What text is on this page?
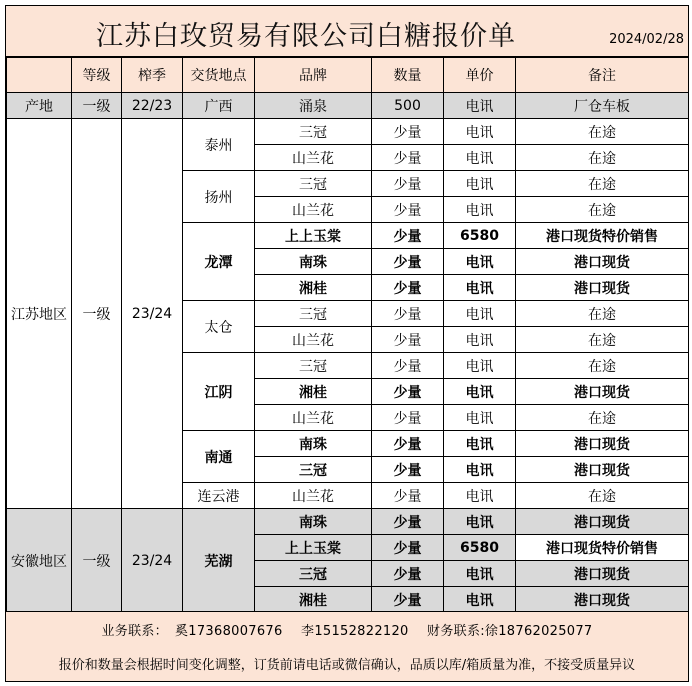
江苏白玫贸易有限公司白糖报价单	2024/02/28
	等级	榨季	交货地点	品牌	数量	单价	备注
产地	一级	22/23	广西	涌泉	500	电讯	厂仓车板
江苏地区	一级	23/24	泰州	三冠	少量	电讯	在途
				山兰花	少量	电讯	在途
			扬州	三冠	少量	电讯	在途
				山兰花	少量	电讯	在途
			龙潭	上上玉棠	少量	6580	港口现货特价销售
				南珠	少量	电讯	港口现货
				湘桂	少量	电讯	港口现货
			太仓	三冠	少量	电讯	在途
				山兰花	少量	电讯	在途
			江阴	三冠	少量	电讯	在途
				湘桂	少量	电讯	港口现货
				山兰花	少量	电讯	在途
			南通	南珠	少量	电讯	港口现货
				三冠	少量	电讯	港口现货
			连云港	山兰花	少量	电讯	在途
安徽地区	一级	23/24	芜湖	南珠	少量	电讯	港口现货
				上上玉棠	少量	6580	港口现货特价销售
				三冠	少量	电讯	港口现货
				湘桂	少量	电讯	港口现货
业务联系： 奚17368007676 李15152822120 财务联系:徐18762025077
报价和数量会根据时间变化调整，订货前请电话或微信确认，品质以库/箱质量为准，不接受质量异议
